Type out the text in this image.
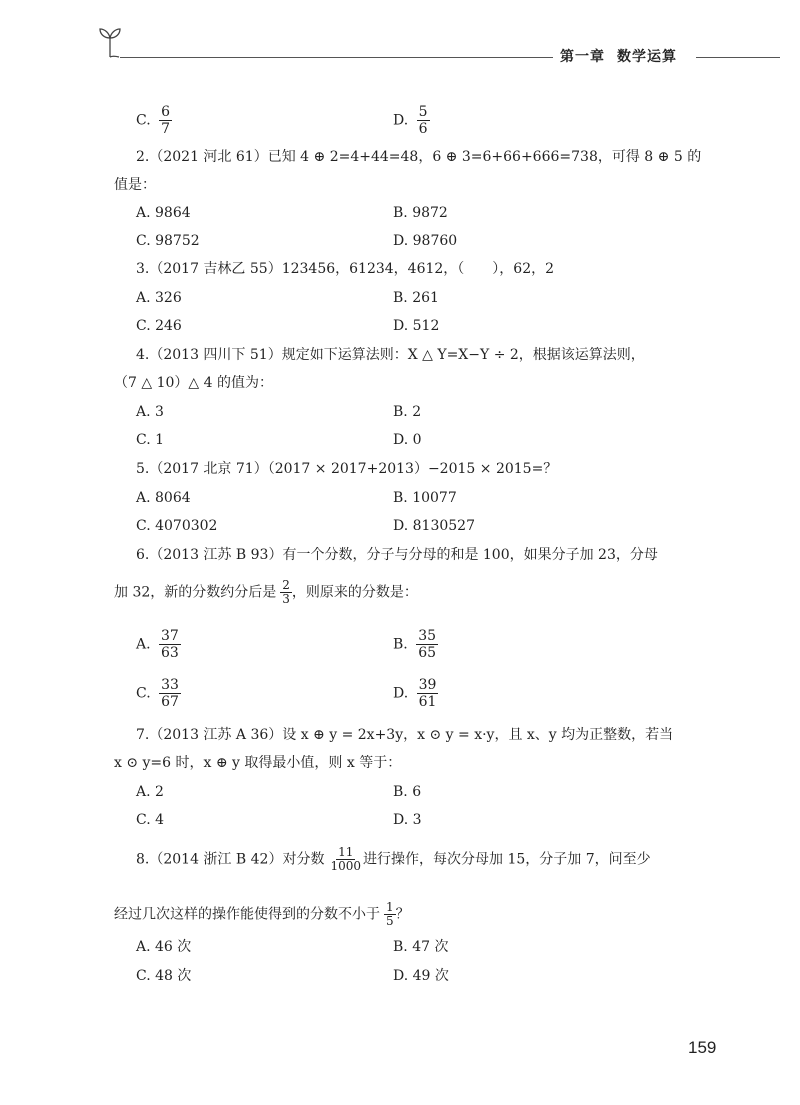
第一章 数学运算
C. $\frac{6}{7}$	D. $\frac{5}{6}$
2.（2021 河北 61）已知 4 ⊕ 2=4+44=48，6 ⊕ 3=6+66+666=738，可得 8 ⊕ 5 的
值是：
A. 9864	B. 9872
C. 98752	D. 98760
3.（2017 吉林乙 55）123456，61234，4612，（　　），62，2
A. 326	B. 261
C. 246	D. 512
4.（2013 四川下 51）规定如下运算法则：X △ Y=X−Y ÷ 2，根据该运算法则，
（7 △ 10）△ 4 的值为：
A. 3	B. 2
C. 1	D. 0
5.（2017 北京 71）（2017 × 2017+2013）−2015 × 2015=？
A. 8064	B. 10077
C. 4070302	D. 8130527
6.（2013 江苏 B 93）有一个分数，分子与分母的和是 100，如果分子加 23，分母
加 32，新的分数约分后是 $\frac{2}{3}$ ，则原来的分数是：
A. $\frac{37}{63}$	B. $\frac{35}{65}$
C. $\frac{33}{67}$	D. $\frac{39}{61}$
7.（2013 江苏 A 36）设 x ⊕ y = 2x+3y，x ⊙ y = x·y，且 x、y 均为正整数，若当
x ⊙ y=6 时，x ⊕ y 取得最小值，则 x 等于：
A. 2	B. 6
C. 4	D. 3
8.（2014 浙江 B 42）对分数 $\frac{11}{1000}$ 进行操作，每次分母加 15，分子加 7，问至少
经过几次这样的操作能使得到的分数不小于 $\frac{1}{5}$ ？
A. 46 次	B. 47 次
C. 48 次	D. 49 次
159
